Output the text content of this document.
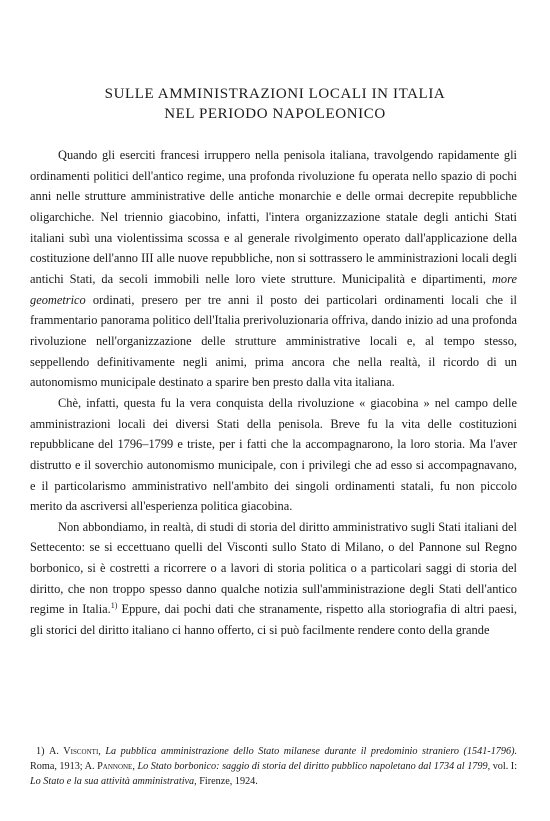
SULLE AMMINISTRAZIONI LOCALI IN ITALIA
NEL PERIODO NAPOLEONICO

Quando gli eserciti francesi irruppero nella penisola italiana, travolgendo rapidamente gli ordinamenti politici dell'antico regime, una profonda rivoluzione fu operata nello spazio di pochi anni nelle strutture amministrative delle antiche monarchie e delle ormai decrepite repubbliche oligarchiche. Nel triennio giacobino, infatti, l'intera organizzazione statale degli antichi Stati italiani subì una violentissima scossa e al generale rivolgimento operato dall'applicazione della costituzione dell'anno III alle nuove repubbliche, non si sottrassero le amministrazioni locali degli antichi Stati, da secoli immobili nelle loro viete strutture. Municipalità e dipartimenti, more geometrico ordinati, presero per tre anni il posto dei particolari ordinamenti locali che il frammentario panorama politico dell'Italia prerivoluzionaria offriva, dando inizio ad una profonda rivoluzione nell'organizzazione delle strutture amministrative locali e, al tempo stesso, seppellendo definitivamente negli animi, prima ancora che nella realtà, il ricordo di un autonomismo municipale destinato a sparire ben presto dalla vita italiana.

Chè, infatti, questa fu la vera conquista della rivoluzione « giacobina » nel campo delle amministrazioni locali dei diversi Stati della penisola. Breve fu la vita delle costituzioni repubblicane del 1796–1799 e triste, per i fatti che la accompagnarono, la loro storia. Ma l'aver distrutto e il soverchio autonomismo municipale, con i privilegi che ad esso si accompagnavano, e il particolarismo amministrativo nell'ambito dei singoli ordinamenti statali, fu non piccolo merito da ascriversi all'esperienza politica giacobina.

Non abbondiamo, in realtà, di studi di storia del diritto amministrativo sugli Stati italiani del Settecento: se si eccettuano quelli del Visconti sullo Stato di Milano, o del Pannone sul Regno borbonico, si è costretti a ricorrere o a lavori di storia politica o a particolari saggi di storia del diritto, che non troppo spesso danno qualche notizia sull'amministrazione degli Stati dell'antico regime in Italia.$^{1)}$ Eppure, dai pochi dati che stranamente, rispetto alla storiografia di altri paesi, gli storici del diritto italiano ci hanno offerto, ci si può facilmente rendere conto della grande

1) A. Visconti, La pubblica amministrazione dello Stato milanese durante il predominio straniero (1541-1796). Roma, 1913; A. Pannone, Lo Stato borbonico: saggio di storia del diritto pubblico napoletano dal 1734 al 1799, vol. I: Lo Stato e la sua attività amministrativa, Firenze, 1924.
